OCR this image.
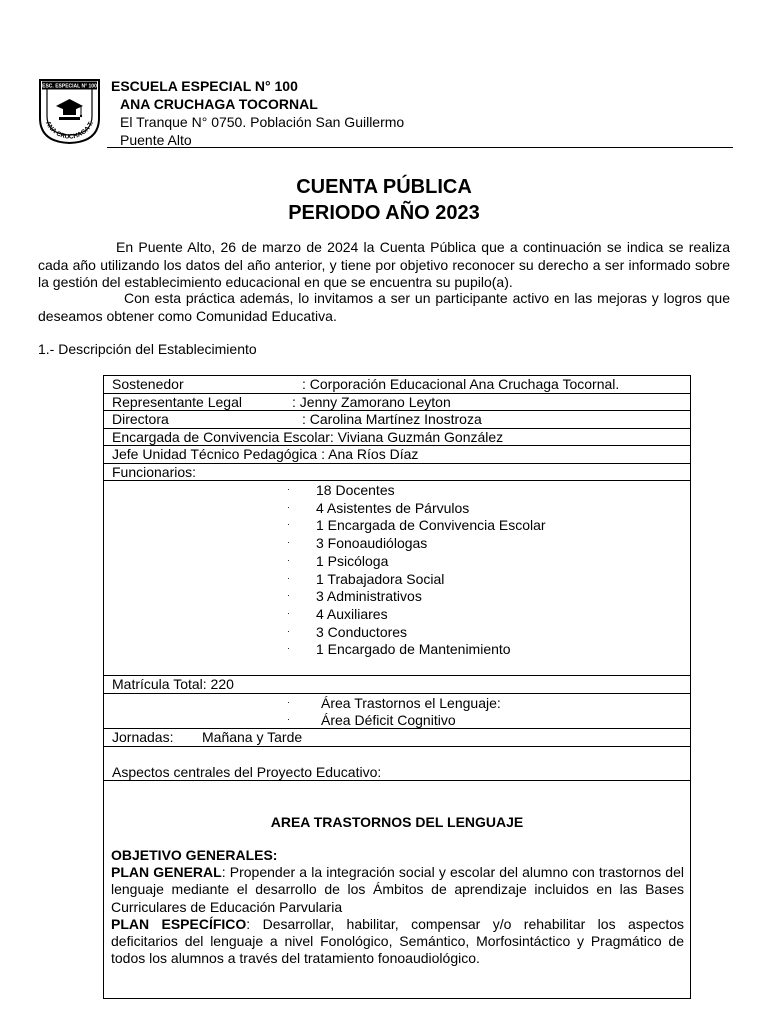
ESC. ESPECIAL N° 100
ANA CRUCHAGA T.
ESCUELA ESPECIAL N° 100
ANA CRUCHAGA TOCORNAL
El Tranque N° 0750. Población San Guillermo
Puente Alto
CUENTA PÚBLICA
PERIODO AÑO 2023
En Puente Alto, 26 de marzo de 2024 la Cuenta Pública que a continuación se indica se realiza cada año utilizando los datos del año anterior, y tiene por objetivo reconocer su derecho a ser informado sobre la gestión del establecimiento educacional en que se encuentra su pupilo(a).
Con esta práctica además, lo invitamos a ser un participante activo en las mejoras y logros que deseamos obtener como Comunidad Educativa.
1.- Descripción del Establecimiento
Sostenedor	: Corporación Educacional Ana Cruchaga Tocornal.
Representante Legal	: Jenny Zamorano Leyton
Directora	: Carolina Martínez Inostroza
Encargada de Convivencia Escolar: Viviana Guzmán González
Jefe Unidad Técnico Pedagógica : Ana Ríos Díaz
Funcionarios:
· 18 Docentes
· 4 Asistentes de Párvulos
· 1 Encargada de Convivencia Escolar
· 3 Fonoaudiólogas
· 1 Psicóloga
· 1 Trabajadora Social
· 3 Administrativos
· 4 Auxiliares
· 3 Conductores
· 1 Encargado de Mantenimiento
Matrícula Total: 220
· Área Trastornos el Lenguaje:
· Área Déficit Cognitivo
Jornadas: Mañana y Tarde
Aspectos centrales del Proyecto Educativo:
AREA TRASTORNOS DEL LENGUAJE
OBJETIVO GENERALES:
PLAN GENERAL: Propender a la integración social y escolar del alumno con trastornos del lenguaje mediante el desarrollo de los Ámbitos de aprendizaje incluidos en las Bases Curriculares de Educación Parvularia
PLAN ESPECÍFICO: Desarrollar, habilitar, compensar y/o rehabilitar los aspectos deficitarios del lenguaje a nivel Fonológico, Semántico, Morfosintáctico y Pragmático de todos los alumnos a través del tratamiento fonoaudiológico.
